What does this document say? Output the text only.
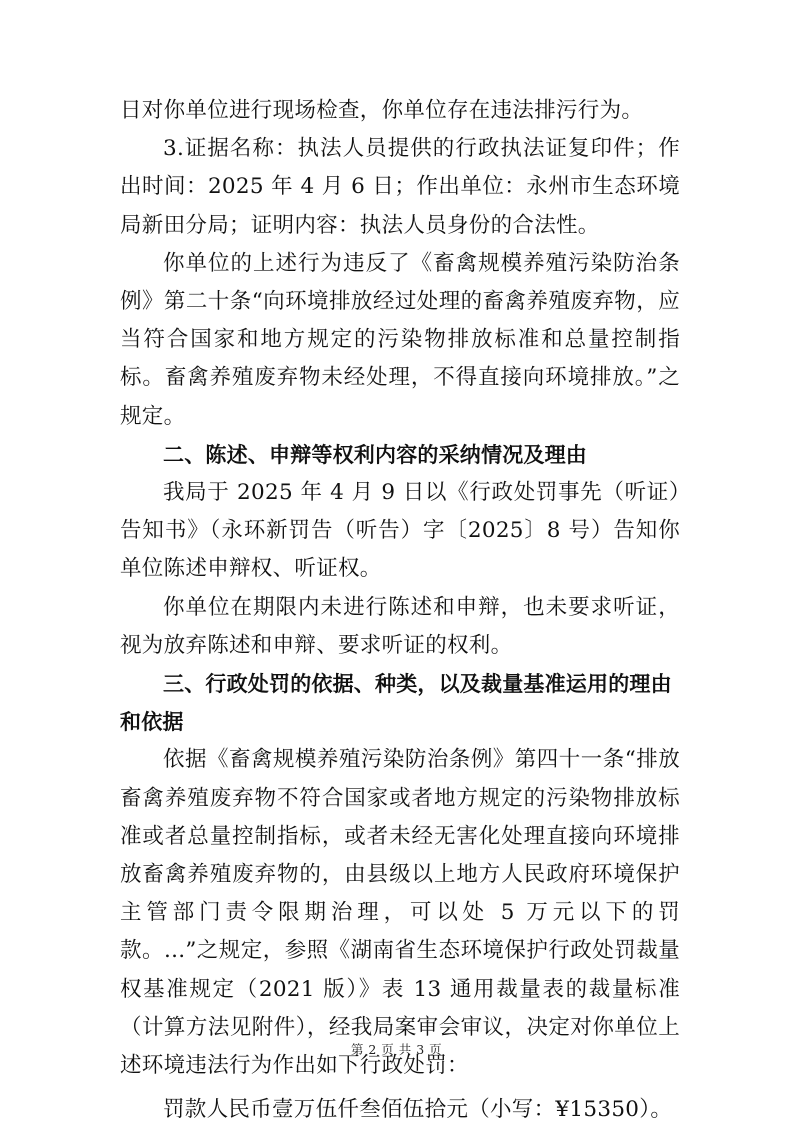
日对你单位进行现场检查，你单位存在违法排污行为。

3.证据名称：执法人员提供的行政执法证复印件；作出时间：2025 年 4 月 6 日；作出单位：永州市生态环境局新田分局；证明内容：执法人员身份的合法性。

你单位的上述行为违反了《畜禽规模养殖污染防治条例》第二十条“向环境排放经过处理的畜禽养殖废弃物，应当符合国家和地方规定的污染物排放标准和总量控制指标。畜禽养殖废弃物未经处理，不得直接向环境排放。”之规定。

二、陈述、申辩等权利内容的采纳情况及理由

我局于 2025 年 4 月 9 日以《行政处罚事先（听证）告知书》（永环新罚告（听告）字〔2025〕8 号）告知你单位陈述申辩权、听证权。

你单位在期限内未进行陈述和申辩，也未要求听证，视为放弃陈述和申辩、要求听证的权利。

三、行政处罚的依据、种类，以及裁量基准运用的理由和依据

依据《畜禽规模养殖污染防治条例》第四十一条“排放畜禽养殖废弃物不符合国家或者地方规定的污染物排放标准或者总量控制指标，或者未经无害化处理直接向环境排放畜禽养殖废弃物的，由县级以上地方人民政府环境保护主管部门责令限期治理，可以处 5 万元以下的罚款。...”之规定，参照《湖南省生态环境保护行政处罚裁量权基准规定（2021 版）》表 13 通用裁量表的裁量标准（计算方法见附件），经我局案审会审议，决定对你单位上述环境违法行为作出如下行政处罚：

罚款人民币壹万伍仟叁佰伍拾元（小写：¥15350）。

第 2 页 共 3 页
